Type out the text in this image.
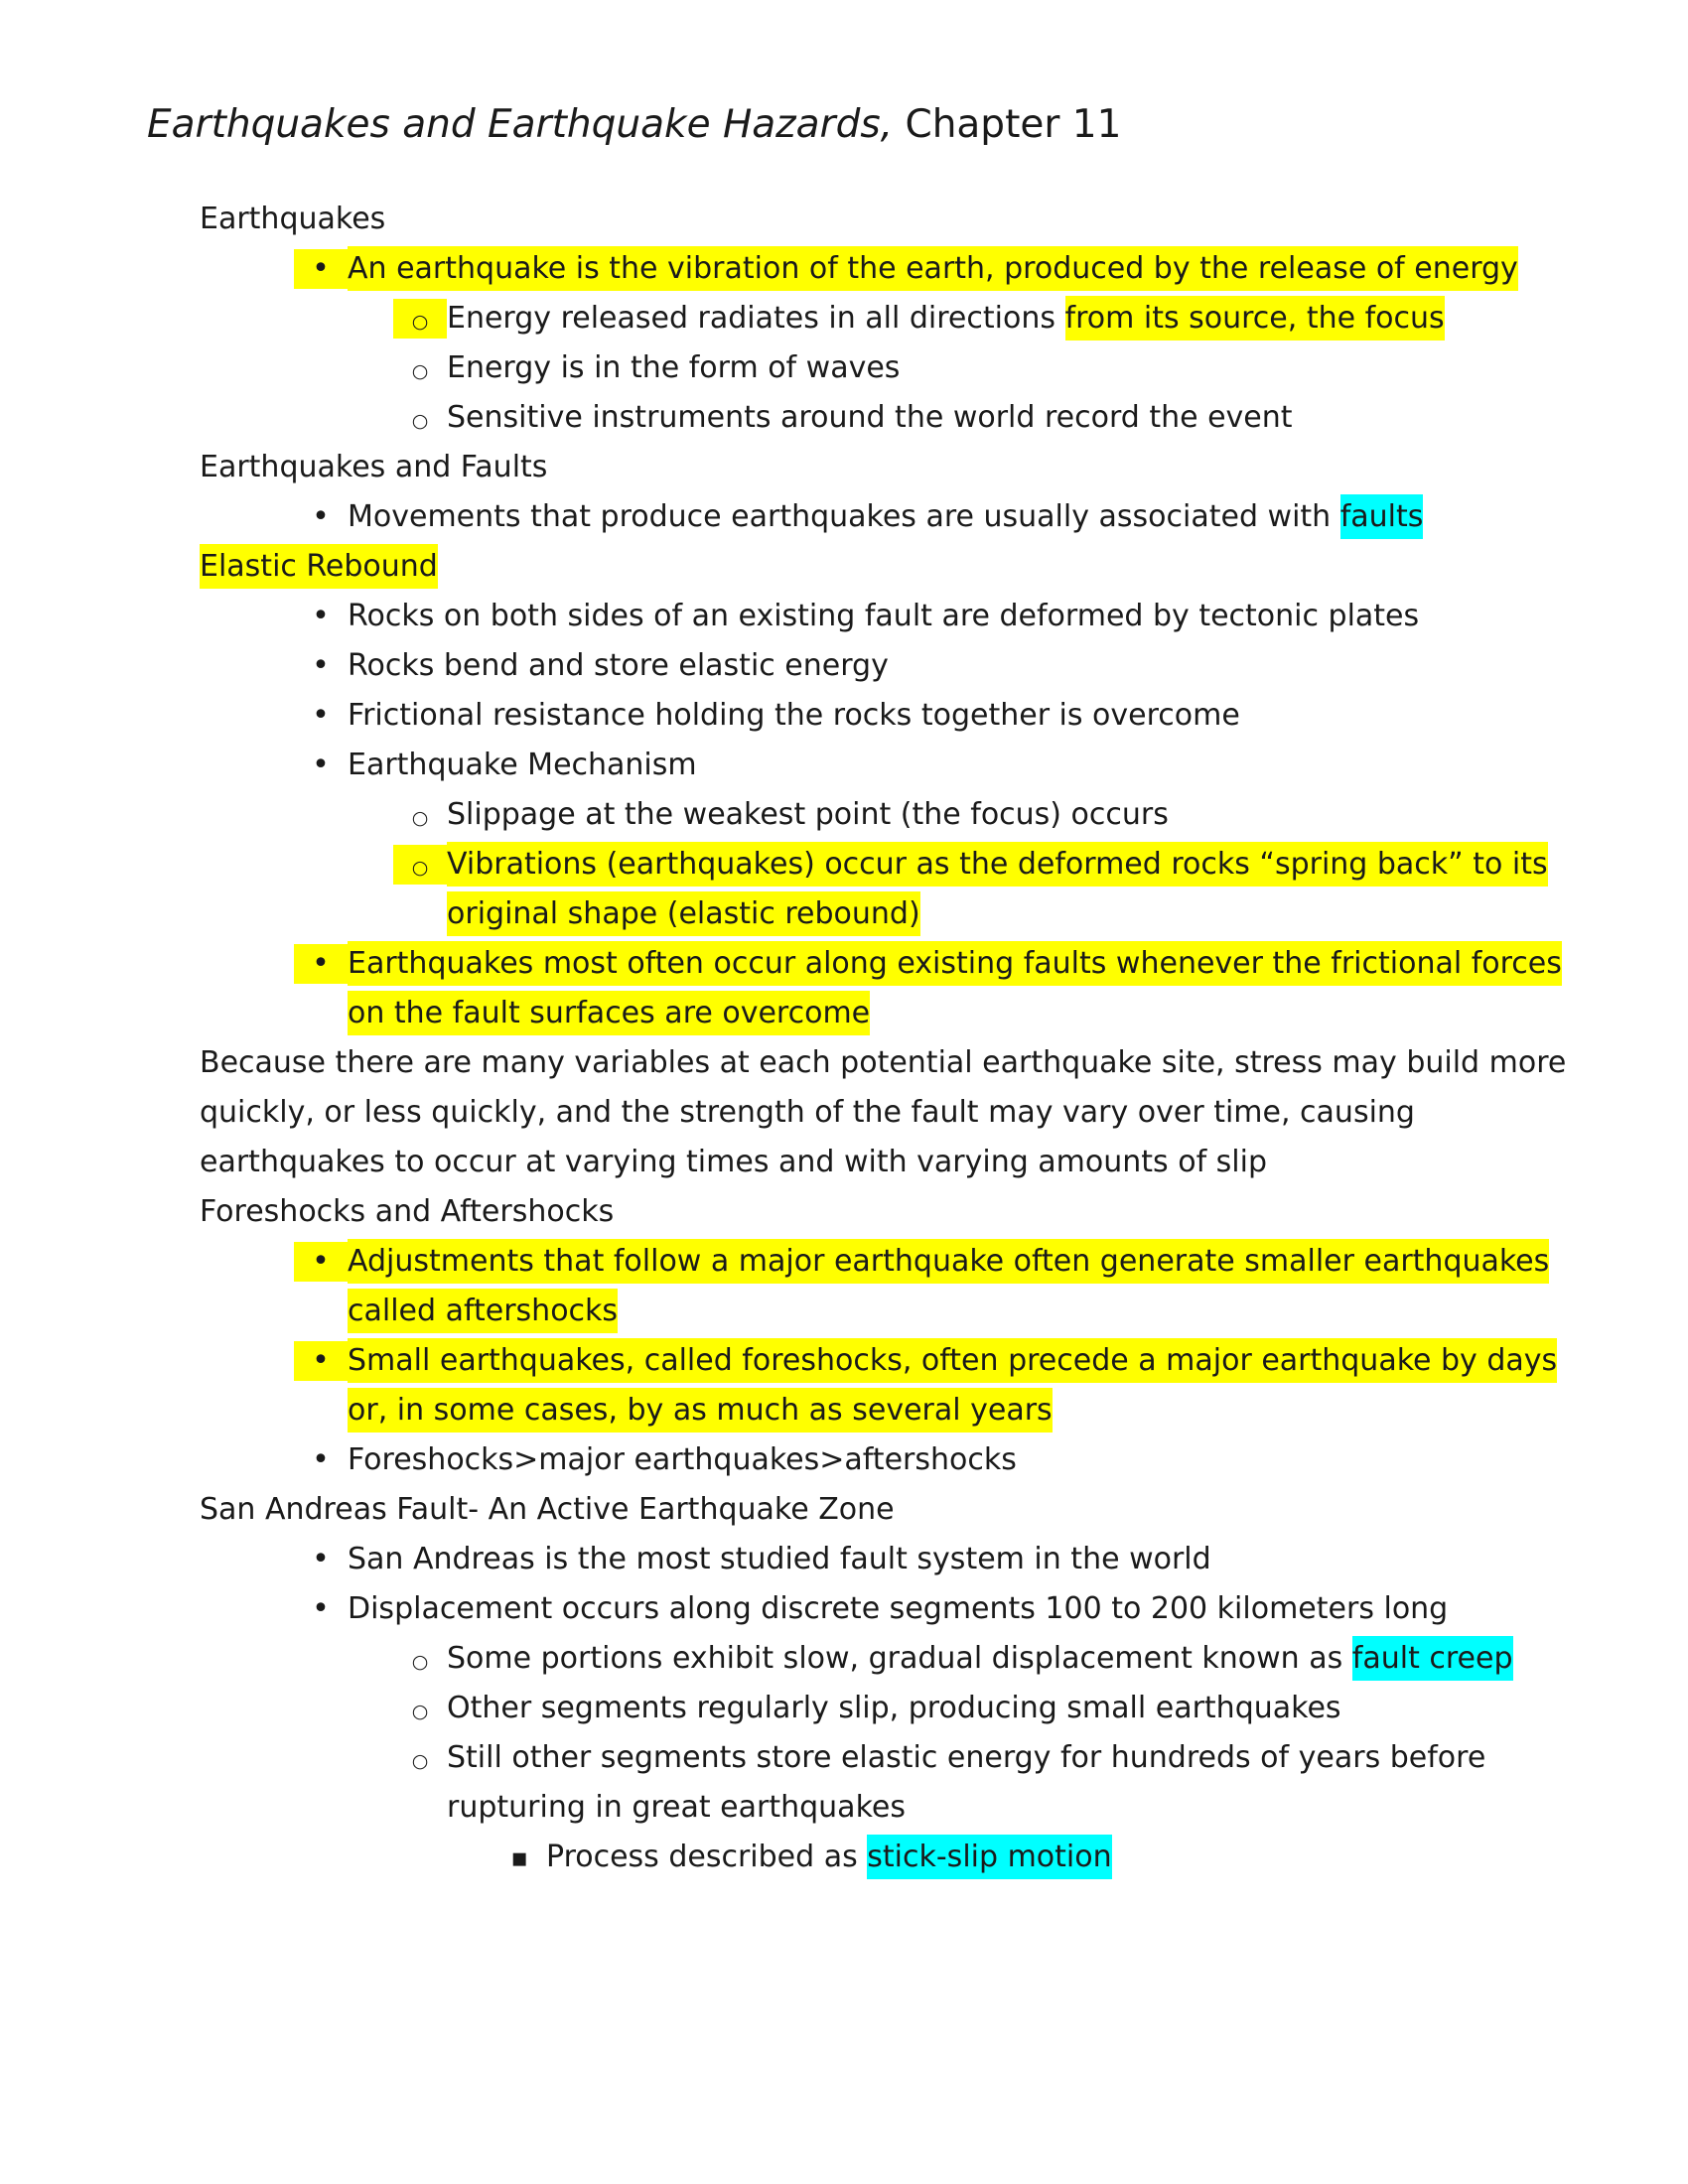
Earthquakes and Earthquake Hazards, Chapter 11
Earthquakes
•
An earthquake is the vibration of the earth, produced by the release of energy
○
Energy released radiates in all directions from its source, the focus
○
Energy is in the form of waves
○
Sensitive instruments around the world record the event
Earthquakes and Faults
•
Movements that produce earthquakes are usually associated with faults
Elastic Rebound
•
Rocks on both sides of an existing fault are deformed by tectonic plates
•
Rocks bend and store elastic energy
•
Frictional resistance holding the rocks together is overcome
•
Earthquake Mechanism
○
Slippage at the weakest point (the focus) occurs
○
Vibrations (earthquakes) occur as the deformed rocks “spring back” to its
original shape (elastic rebound)
•
Earthquakes most often occur along existing faults whenever the frictional forces
on the fault surfaces are overcome
Because there are many variables at each potential earthquake site, stress may build more
quickly, or less quickly, and the strength of the fault may vary over time, causing
earthquakes to occur at varying times and with varying amounts of slip
Foreshocks and Aftershocks
•
Adjustments that follow a major earthquake often generate smaller earthquakes
called aftershocks
•
Small earthquakes, called foreshocks, often precede a major earthquake by days
or, in some cases, by as much as several years
•
Foreshocks>major earthquakes>aftershocks
San Andreas Fault- An Active Earthquake Zone
•
San Andreas is the most studied fault system in the world
•
Displacement occurs along discrete segments 100 to 200 kilometers long
○
Some portions exhibit slow, gradual displacement known as fault creep
○
Other segments regularly slip, producing small earthquakes
○
Still other segments store elastic energy for hundreds of years before
rupturing in great earthquakes
▪
Process described as stick-slip motion
